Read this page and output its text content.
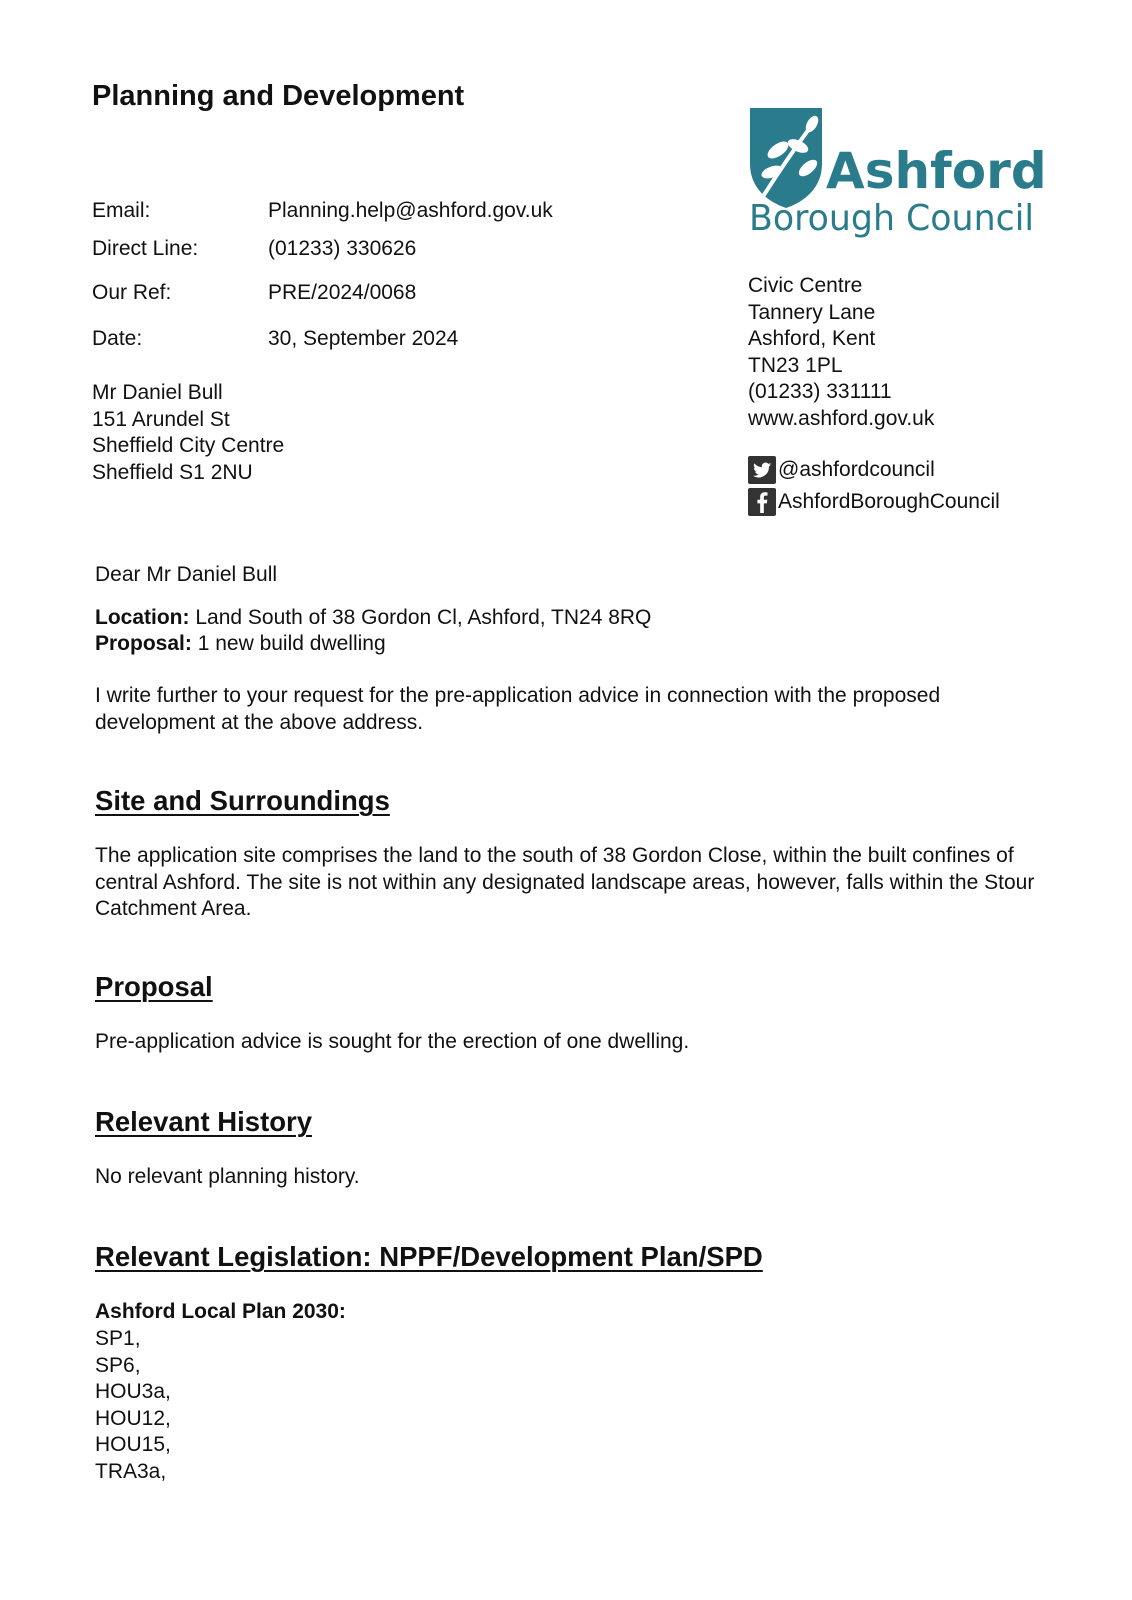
Planning and Development
Email:	Planning.help@ashford.gov.uk
Direct Line:	(01233) 330626
Our Ref:	PRE/2024/0068
Date:	30, September 2024
Mr Daniel Bull
151 Arundel St
Sheffield City Centre
Sheffield S1 2NU
Ashford
Borough Council
Civic Centre
Tannery Lane
Ashford, Kent
TN23 1PL
(01233) 331111
www.ashford.gov.uk
@ashfordcouncil
AshfordBoroughCouncil
Dear Mr Daniel Bull
Location: Land South of 38 Gordon Cl, Ashford, TN24 8RQ
Proposal: 1 new build dwelling
I write further to your request for the pre-application advice in connection with the proposed development at the above address.
Site and Surroundings
The application site comprises the land to the south of 38 Gordon Close, within the built confines of central Ashford. The site is not within any designated landscape areas, however, falls within the Stour Catchment Area.
Proposal
Pre-application advice is sought for the erection of one dwelling.
Relevant History
No relevant planning history.
Relevant Legislation: NPPF/Development Plan/SPD
Ashford Local Plan 2030:
SP1,
SP6,
HOU3a,
HOU12,
HOU15,
TRA3a,
